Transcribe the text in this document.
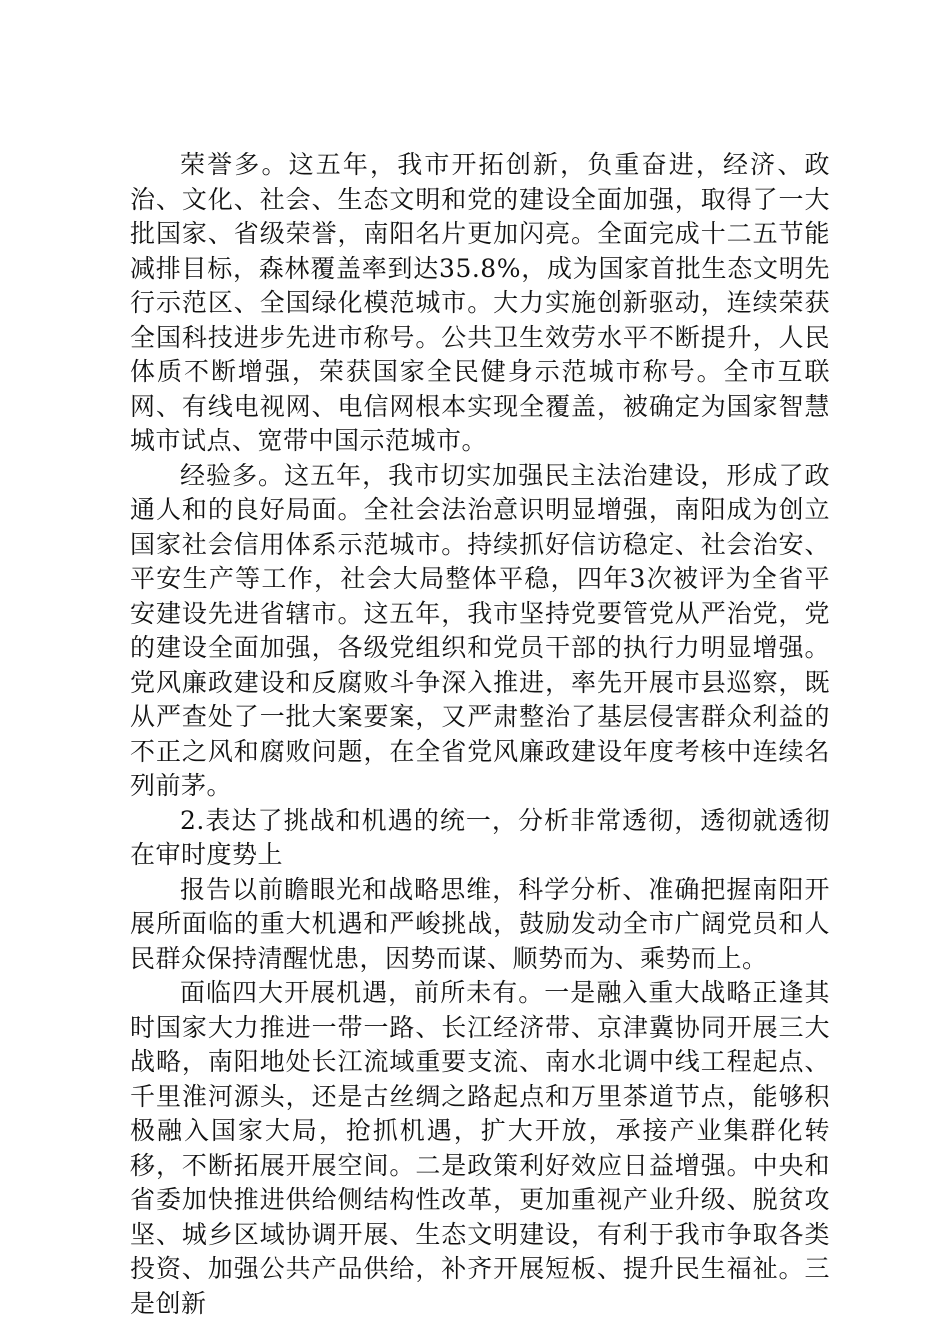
荣誉多。这五年，我市开拓创新，负重奋进，经济、政治、文化、社会、生态文明和党的建设全面加强，取得了一大批国家、省级荣誉，南阳名片更加闪亮。全面完成十二五节能减排目标，森林覆盖率到达35.8%，成为国家首批生态文明先行示范区、全国绿化模范城市。大力实施创新驱动，连续荣获全国科技进步先进市称号。公共卫生效劳水平不断提升，人民体质不断增强，荣获国家全民健身示范城市称号。全市互联网、有线电视网、电信网根本实现全覆盖，被确定为国家智慧城市试点、宽带中国示范城市。

经验多。这五年，我市切实加强民主法治建设，形成了政通人和的良好局面。全社会法治意识明显增强，南阳成为创立国家社会信用体系示范城市。持续抓好信访稳定、社会治安、平安生产等工作，社会大局整体平稳，四年3次被评为全省平安建设先进省辖市。这五年，我市坚持党要管党从严治党，党的建设全面加强，各级党组织和党员干部的执行力明显增强。党风廉政建设和反腐败斗争深入推进，率先开展市县巡察，既从严查处了一批大案要案，又严肃整治了基层侵害群众利益的不正之风和腐败问题，在全省党风廉政建设年度考核中连续名列前茅。

2.表达了挑战和机遇的统一，分析非常透彻，透彻就透彻在审时度势上

报告以前瞻眼光和战略思维，科学分析、准确把握南阳开展所面临的重大机遇和严峻挑战，鼓励发动全市广阔党员和人民群众保持清醒忧患，因势而谋、顺势而为、乘势而上。

面临四大开展机遇，前所未有。一是融入重大战略正逢其时国家大力推进一带一路、长江经济带、京津冀协同开展三大战略，南阳地处长江流域重要支流、南水北调中线工程起点、千里淮河源头，还是古丝绸之路起点和万里茶道节点，能够积极融入国家大局，抢抓机遇，扩大开放，承接产业集群化转移，不断拓展开展空间。二是政策利好效应日益增强。中央和省委加快推进供给侧结构性改革，更加重视产业升级、脱贫攻坚、城乡区域协调开展、生态文明建设，有利于我市争取各类投资、加强公共产品供给，补齐开展短板、提升民生福祉。三是创新
